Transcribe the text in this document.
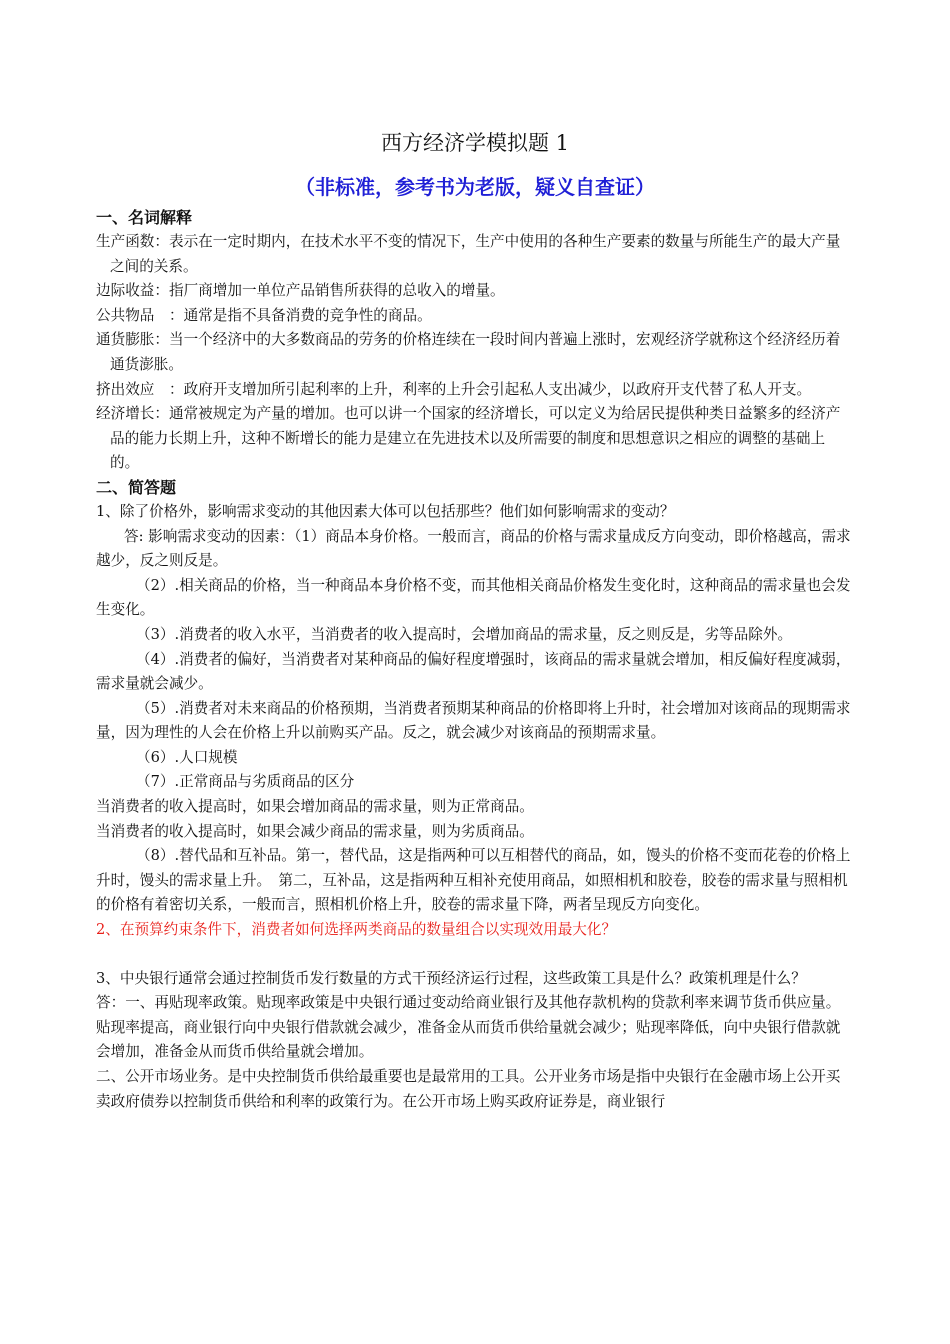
西方经济学模拟题 1
（非标准，参考书为老版，疑义自查证）
一、名词解释

生产函数：表示在一定时期内，在技术水平不变的情况下，生产中使用的各种生产要素的数量与所能生产的最大产量之间的关系。

边际收益：指厂商增加一单位产品销售所获得的总收入的增量。

公共物品　：通常是指不具备消费的竞争性的商品。

通货膨胀：当一个经济中的大多数商品的劳务的价格连续在一段时间内普遍上涨时，宏观经济学就称这个经济经历着通货澎胀。

挤出效应　：政府开支增加所引起利率的上升，利率的上升会引起私人支出减少，以政府开支代替了私人开支。

经济增长：通常被规定为产量的增加。也可以讲一个国家的经济增长，可以定义为给居民提供种类日益繁多的经济产品的能力长期上升，这种不断增长的能力是建立在先进技术以及所需要的制度和思想意识之相应的调整的基础上的。

二、简答题

1、除了价格外，影响需求变动的其他因素大体可以包括那些？他们如何影响需求的变动？

答: 影响需求变动的因素：（1）商品本身价格。一般而言，商品的价格与需求量成反方向变动，即价格越高，需求越少，反之则反是。

（2）.相关商品的价格，当一种商品本身价格不变，而其他相关商品价格发生变化时，这种商品的需求量也会发生变化。

（3）.消费者的收入水平，当消费者的收入提高时，会增加商品的需求量，反之则反是，劣等品除外。

（4）.消费者的偏好，当消费者对某种商品的偏好程度增强时，该商品的需求量就会增加，相反偏好程度减弱，需求量就会减少。

（5）.消费者对未来商品的价格预期，当消费者预期某种商品的价格即将上升时，社会增加对该商品的现期需求量，因为理性的人会在价格上升以前购买产品。反之，就会减少对该商品的预期需求量。

（6）.人口规模

（7）.正常商品与劣质商品的区分

当消费者的收入提高时，如果会增加商品的需求量，则为正常商品。

当消费者的收入提高时，如果会减少商品的需求量，则为劣质商品。

（8）.替代品和互补品。第一，替代品，这是指两种可以互相替代的商品，如，馒头的价格不变而花卷的价格上升时，馒头的需求量上升。　第二，互补品，这是指两种互相补充使用商品，如照相机和胶卷，胶卷的需求量与照相机的价格有着密切关系，一般而言，照相机价格上升，胶卷的需求量下降，两者呈现反方向变化。

2、在预算约束条件下，消费者如何选择两类商品的数量组合以实现效用最大化？

3、中央银行通常会通过控制货币发行数量的方式干预经济运行过程，这些政策工具是什么？政策机理是什么？

答：一、再贴现率政策。贴现率政策是中央银行通过变动给商业银行及其他存款机构的贷款利率来调节货币供应量。贴现率提高，商业银行向中央银行借款就会减少，准备金从而货币供给量就会减少；贴现率降低，向中央银行借款就会增加，准备金从而货币供给量就会增加。

二、公开市场业务。是中央控制货币供给最重要也是最常用的工具。公开业务市场是指中央银行在金融市场上公开买卖政府债券以控制货币供给和利率的政策行为。在公开市场上购买政府证券是，商业银行
